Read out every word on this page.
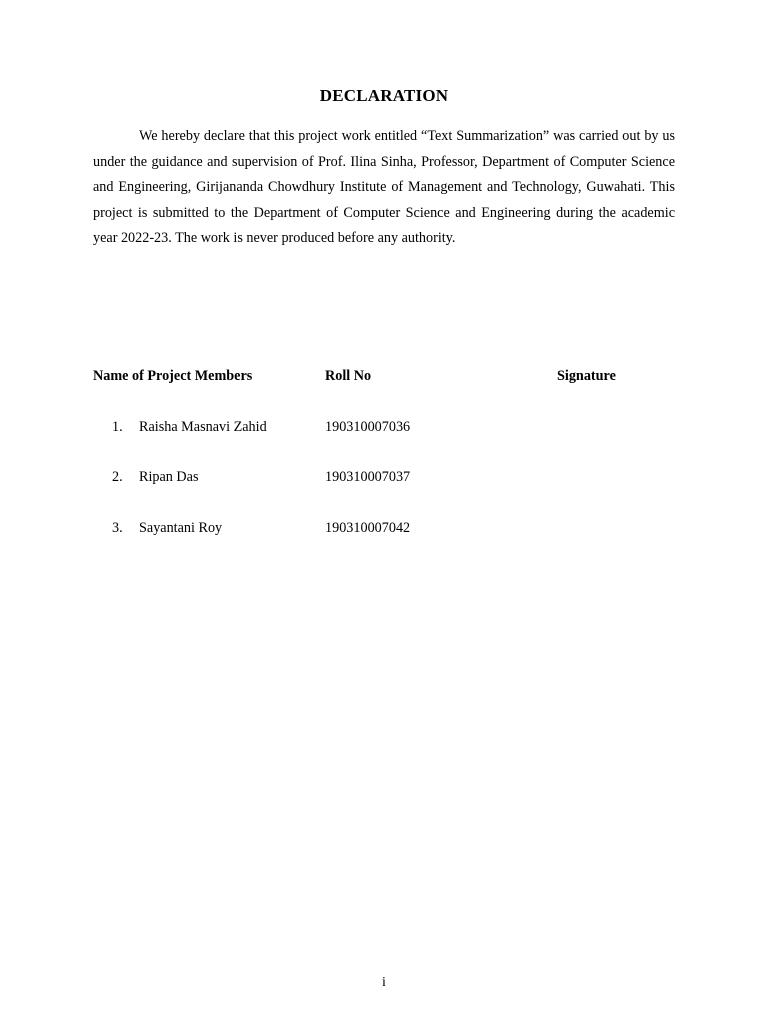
DECLARATION

We hereby declare that this project work entitled “Text Summarization” was carried out by us under the guidance and supervision of Prof. Ilina Sinha, Professor, Department of Computer Science and Engineering, Girijananda Chowdhury Institute of Management and Technology, Guwahati. This project is submitted to the Department of Computer Science and Engineering during the academic year 2022-23. The work is never produced before any authority.

Name of Project Members	Roll No	Signature
1.	Raisha Masnavi Zahid	190310007036
2.	Ripan Das	190310007037
3.	Sayantani Roy	190310007042
i
